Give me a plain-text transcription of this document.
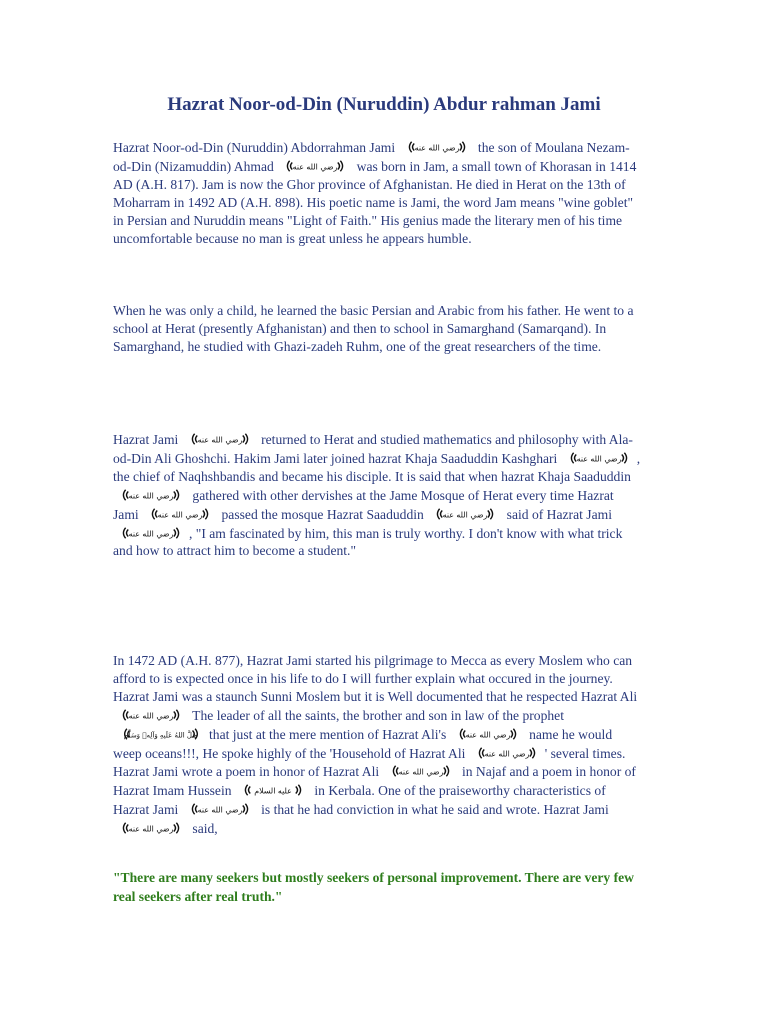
Hazrat Noor-od-Din (Nuruddin) Abdur rahman Jami

Hazrat Noor-od-Din (Nuruddin) Abdorrahman Jami	the son of Moulana Nezam-od-Din (Nizamuddin) Ahmad	was born in Jam, a small town of Khorasan in 1414 AD (A.H. 817). Jam is now the Ghor province of Afghanistan. He died in Herat on the 13th of Moharram in 1492 AD (A.H. 898). His poetic name is Jami, the word Jam means "wine goblet" in Persian and Nuruddin means "Light of Faith." His genius made the literary men of his time uncomfortable because no man is great unless he appears humble.

When he was only a child, he learned the basic Persian and Arabic from his father. He went to a school at Herat (presently Afghanistan) and then to school in Samarghand (Samarqand). In Samarghand, he studied with Ghazi-zadeh Ruhm, one of the great researchers of the time.

Hazrat Jami	returned to Herat and studied mathematics and philosophy with Ala-od-Din Ali Ghoshchi. Hakim Jami later joined hazrat Khaja Saaduddin Kashghari	, the chief of Naqhshbandis and became his disciple. It is said that when hazrat Khaja Saaduddin
gathered with other dervishes at the Jame Mosque of Herat every time Hazrat Jami	passed the mosque Hazrat Saaduddin	said of Hazrat Jami
, "I am fascinated by him, this man is truly worthy. I don't know with what trick and how to attract him to become a student."

In 1472 AD (A.H. 877), Hazrat Jami started his pilgrimage to Mecca as every Moslem who can afford to is expected once in his life to do I will further explain what occured in the journey. Hazrat Jami was a staunch Sunni Moslem but it is Well documented that he respected Hazrat Ali
The leader of all the saints, the brother and son in law of the prophet
that just at the mere mention of Hazrat Ali's	name he would weep oceans!!!, He spoke highly of the 'Household of Hazrat Ali	' several times. Hazrat Jami wrote a poem in honor of Hazrat Ali	in Najaf and a poem in honor of Hazrat Imam Hussein	in Kerbala. One of the praiseworthy characteristics of Hazrat Jami	is that he had conviction in what he said and wrote. Hazrat Jami
said,

"There are many seekers but mostly seekers of personal improvement. There are very few real seekers after real truth."
